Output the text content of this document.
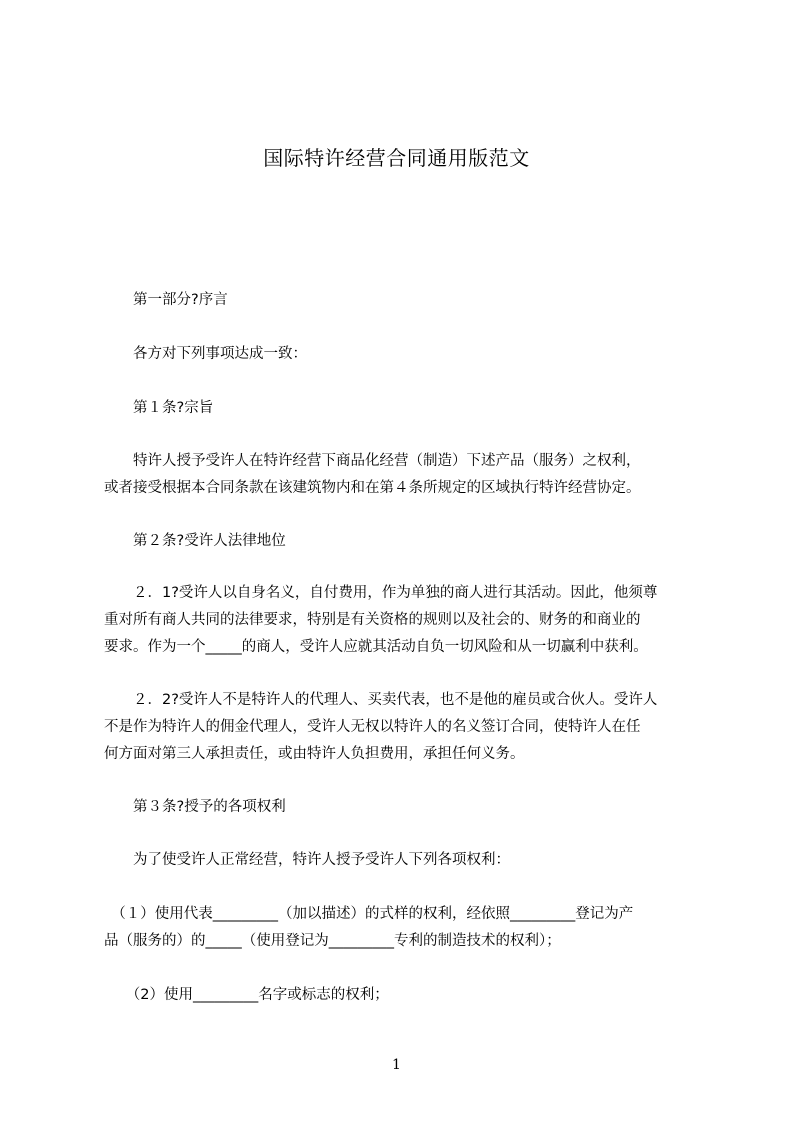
国际特许经营合同通用版范文
　　第一部分?序言
　　各方对下列事项达成一致：
　　第１条?宗旨
　　特许人授予受许人在特许经营下商品化经营（制造）下述产品（服务）之权利，
或者接受根据本合同条款在该建筑物内和在第４条所规定的区域执行特许经营协定。
　　第２条?受许人法律地位
　　２．1?受许人以自身名义，自付费用，作为单独的商人进行其活动。因此，他须尊
重对所有商人共同的法律要求，特别是有关资格的规则以及社会的、财务的和商业的
要求。作为一个_____的商人，受许人应就其活动自负一切风险和从一切赢利中获利。
　　２．2?受许人不是特许人的代理人、买卖代表，也不是他的雇员或合伙人。受许人
不是作为特许人的佣金代理人，受许人无权以特许人的名义签订合同，使特许人在任
何方面对第三人承担责任，或由特许人负担费用，承担任何义务。
　　第３条?授予的各项权利
　　为了使受许人正常经营，特许人授予受许人下列各项权利：
　（１）使用代表_________（加以描述）的式样的权利，经依照_________登记为产
品（服务的）的_____（使用登记为_________专利的制造技术的权利）；
　　（2）使用_________名字或标志的权利；
1
